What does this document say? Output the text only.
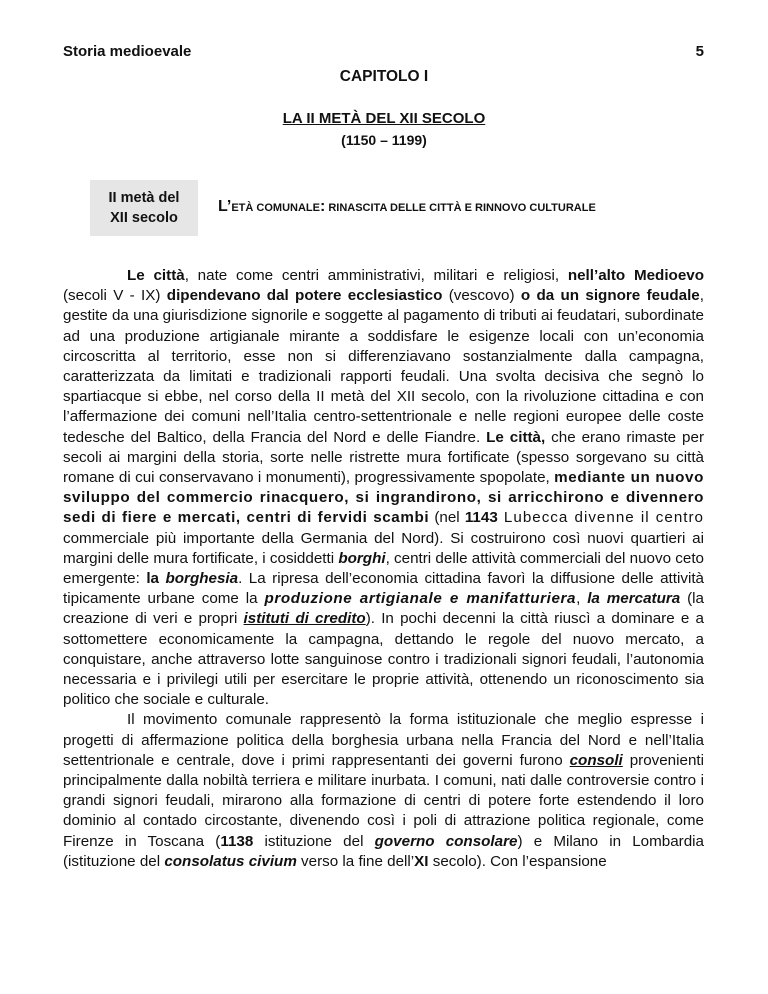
Storia medioevale	5
CAPITOLO I
LA II METÀ DEL XII SECOLO
(1150 – 1199)
II metà del
XII secolo
L’ETÀ COMUNALE: RINASCITA DELLE CITTÀ E RINNOVO CULTURALE

Le città, nate come centri amministrativi, militari e religiosi, nell’alto Medioevo (secoli V - IX) dipendevano dal potere ecclesiastico (vescovo) o da un signore feudale, gestite da una giurisdizione signorile e soggette al pagamento di tributi ai feudatari, subordinate ad una produzione artigianale mirante a soddisfare le esigenze locali con un’economia circoscritta al territorio, esse non si differenziavano sostanzialmente dalla campagna, caratterizzata da limitati e tradizionali rapporti feudali. Una svolta decisiva che segnò lo spartiacque si ebbe, nel corso della II metà del XII secolo, con la rivoluzione cittadina e con l’affermazione dei comuni nell’Italia centro-settentrionale e nelle regioni europee delle coste tedesche del Baltico, della Francia del Nord e delle Fiandre. Le città, che erano rimaste per secoli ai margini della storia, sorte nelle ristrette mura fortificate (spesso sorgevano su città romane di cui conservavano i monumenti), progressivamente spopolate, mediante un nuovo sviluppo del commercio rinacquero, si ingrandirono, si arricchirono e divennero sedi di fiere e mercati, centri di fervidi scambi (nel 1143 Lubecca divenne il centro commerciale più importante della Germania del Nord). Si costruirono così nuovi quartieri ai margini delle mura fortificate, i cosiddetti borghi, centri delle attività commerciali del nuovo ceto emergente: la borghesia. La ripresa dell’economia cittadina favorì la diffusione delle attività tipicamente urbane come la produzione artigianale e manifatturiera, la mercatura (la creazione di veri e propri istituti di credito). In pochi decenni la città riuscì a dominare e a sottomettere economicamente la campagna, dettando le regole del nuovo mercato, a conquistare, anche attraverso lotte sanguinose contro i tradizionali signori feudali, l’autonomia necessaria e i privilegi utili per esercitare le proprie attività, ottenendo un riconoscimento sia politico che sociale e culturale.

Il movimento comunale rappresentò la forma istituzionale che meglio espresse i progetti di affermazione politica della borghesia urbana nella Francia del Nord e nell’Italia settentrionale e centrale, dove i primi rappresentanti dei governi furono consoli provenienti principalmente dalla nobiltà terriera e militare inurbata. I comuni, nati dalle controversie contro i grandi signori feudali, mirarono alla formazione di centri di potere forte estendendo il loro dominio al contado circostante, divenendo così i poli di attrazione politica regionale, come Firenze in Toscana (1138 istituzione del governo consolare) e Milano in Lombardia (istituzione del consolatus civium verso la fine dell’XI secolo). Con l’espansione
